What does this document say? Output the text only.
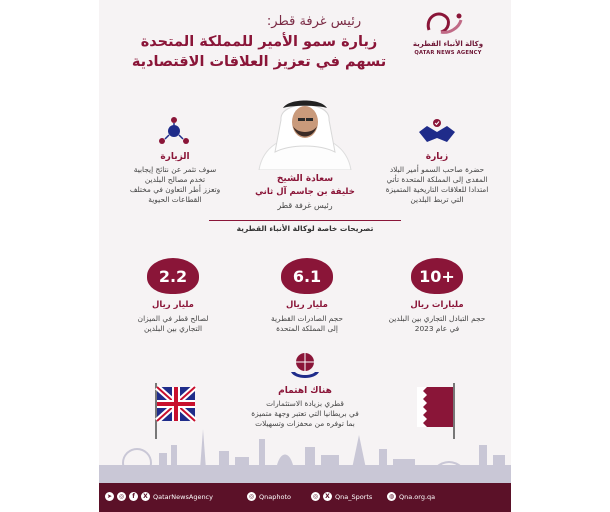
وكالة الأنباء القطرية
QATAR NEWS AGENCY
رئيس غرفة قطر:
زيارة سمو الأمير للمملكة المتحدة
تسهم في تعزيز العلاقات الاقتصادية
سعادة الشيخ
خليفة بن جاسم آل ثاني
رئيس غرفة قطر
تصريحات خاصة لوكالة الأنباء القطرية
زيارة
حضرة صاحب السمو أمير البلاد
المفدى إلى المملكة المتحدة تأتي
امتدادا للعلاقات التاريخية المتميزة
التي تربط البلدين
الزيارة
سوف تثمر عن نتائج إيجابية
تخدم مصالح البلدين
وتعزز أطر التعاون في مختلف
القطاعات الحيوية
10+
مليارات ريال
حجم التبادل التجاري بين البلدين
في عام 2023
6.1
مليار ريال
حجم الصادرات القطرية
إلى المملكة المتحدة
2.2
مليار ريال
لصالح قطر في الميزان
التجاري بين البلدين
هناك اهتمام
قطري بزيادة الاستثمارات
في بريطانيا التي تعتبر وجهة متميزة
بما توفره من محفزات وتسهيلات
➤	◎	f	X QatarNewsAgency	◎ Qnaphoto	◎	X Qna_Sports	◍ Qna.org.qa
